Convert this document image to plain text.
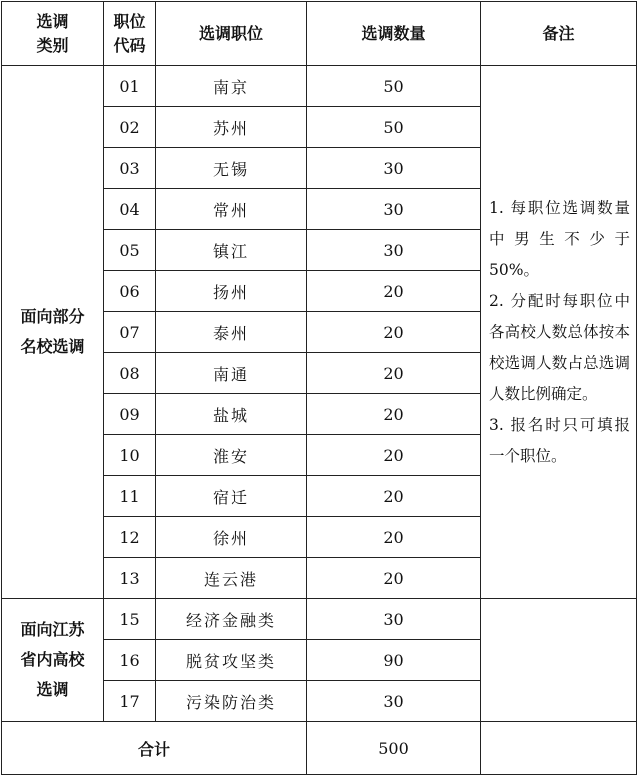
选调类别	职位代码	选调职位	选调数量	备注
面向部分名校选调	01	南京	50	1. 每职位选调数量中男生不少于50%。

2. 分配时每职位中各高校人数总体按本校选调人数占总选调人数比例确定。

3. 报名时只可填报一个职位。

	02	苏州	50	
	03	无锡	30	
	04	常州	30	
	05	镇江	30	
	06	扬州	20	
	07	泰州	20	
	08	南通	20	
	09	盐城	20	
	10	淮安	20	
	11	宿迁	20	
	12	徐州	20	
	13	连云港	20	
面向江苏省内高校选调	15	经济金融类	30	
	16	脱贫攻坚类	90	
	17	污染防治类	30	
合计			500	
